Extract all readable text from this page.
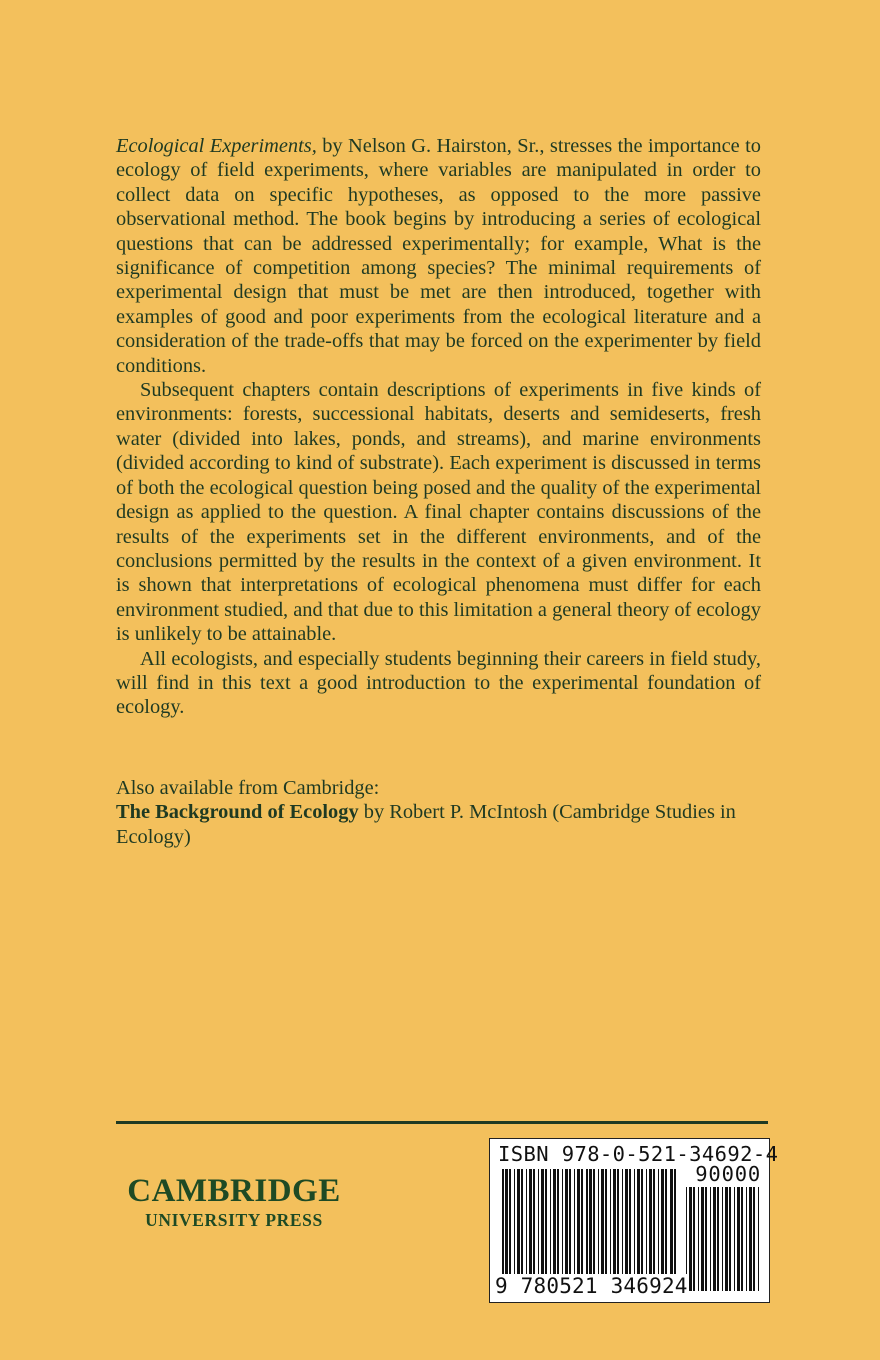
Ecological Experiments, by Nelson G. Hairston, Sr., stresses the importance to ecology of field experiments, where variables are manipulated in order to collect data on specific hypotheses, as opposed to the more passive observational method. The book begins by introducing a series of ecological questions that can be addressed experimentally; for example, What is the significance of competition among species? The minimal requirements of experimental design that must be met are then introduced, together with examples of good and poor experiments from the ecological literature and a consideration of the trade-offs that may be forced on the experimenter by field conditions.

Subsequent chapters contain descriptions of experiments in five kinds of environments: forests, successional habitats, deserts and semideserts, fresh water (divided into lakes, ponds, and streams), and marine environments (divided according to kind of substrate). Each experiment is discussed in terms of both the ecological question being posed and the quality of the experimental design as applied to the question. A final chapter contains discussions of the results of the experiments set in the different environments, and of the conclusions permitted by the results in the context of a given environment. It is shown that interpretations of ecological phenomena must differ for each environment studied, and that due to this limitation a general theory of ecology is unlikely to be attainable.

All ecologists, and especially students beginning their careers in field study, will find in this text a good introduction to the experimental foundation of ecology.

Also available from Cambridge:
The Background of Ecology by Robert P. McIntosh (Cambridge Studies in Ecology)
CAMBRIDGE
UNIVERSITY PRESS
ISBN 978-0-521-34692-4
90000
9 780521 346924
